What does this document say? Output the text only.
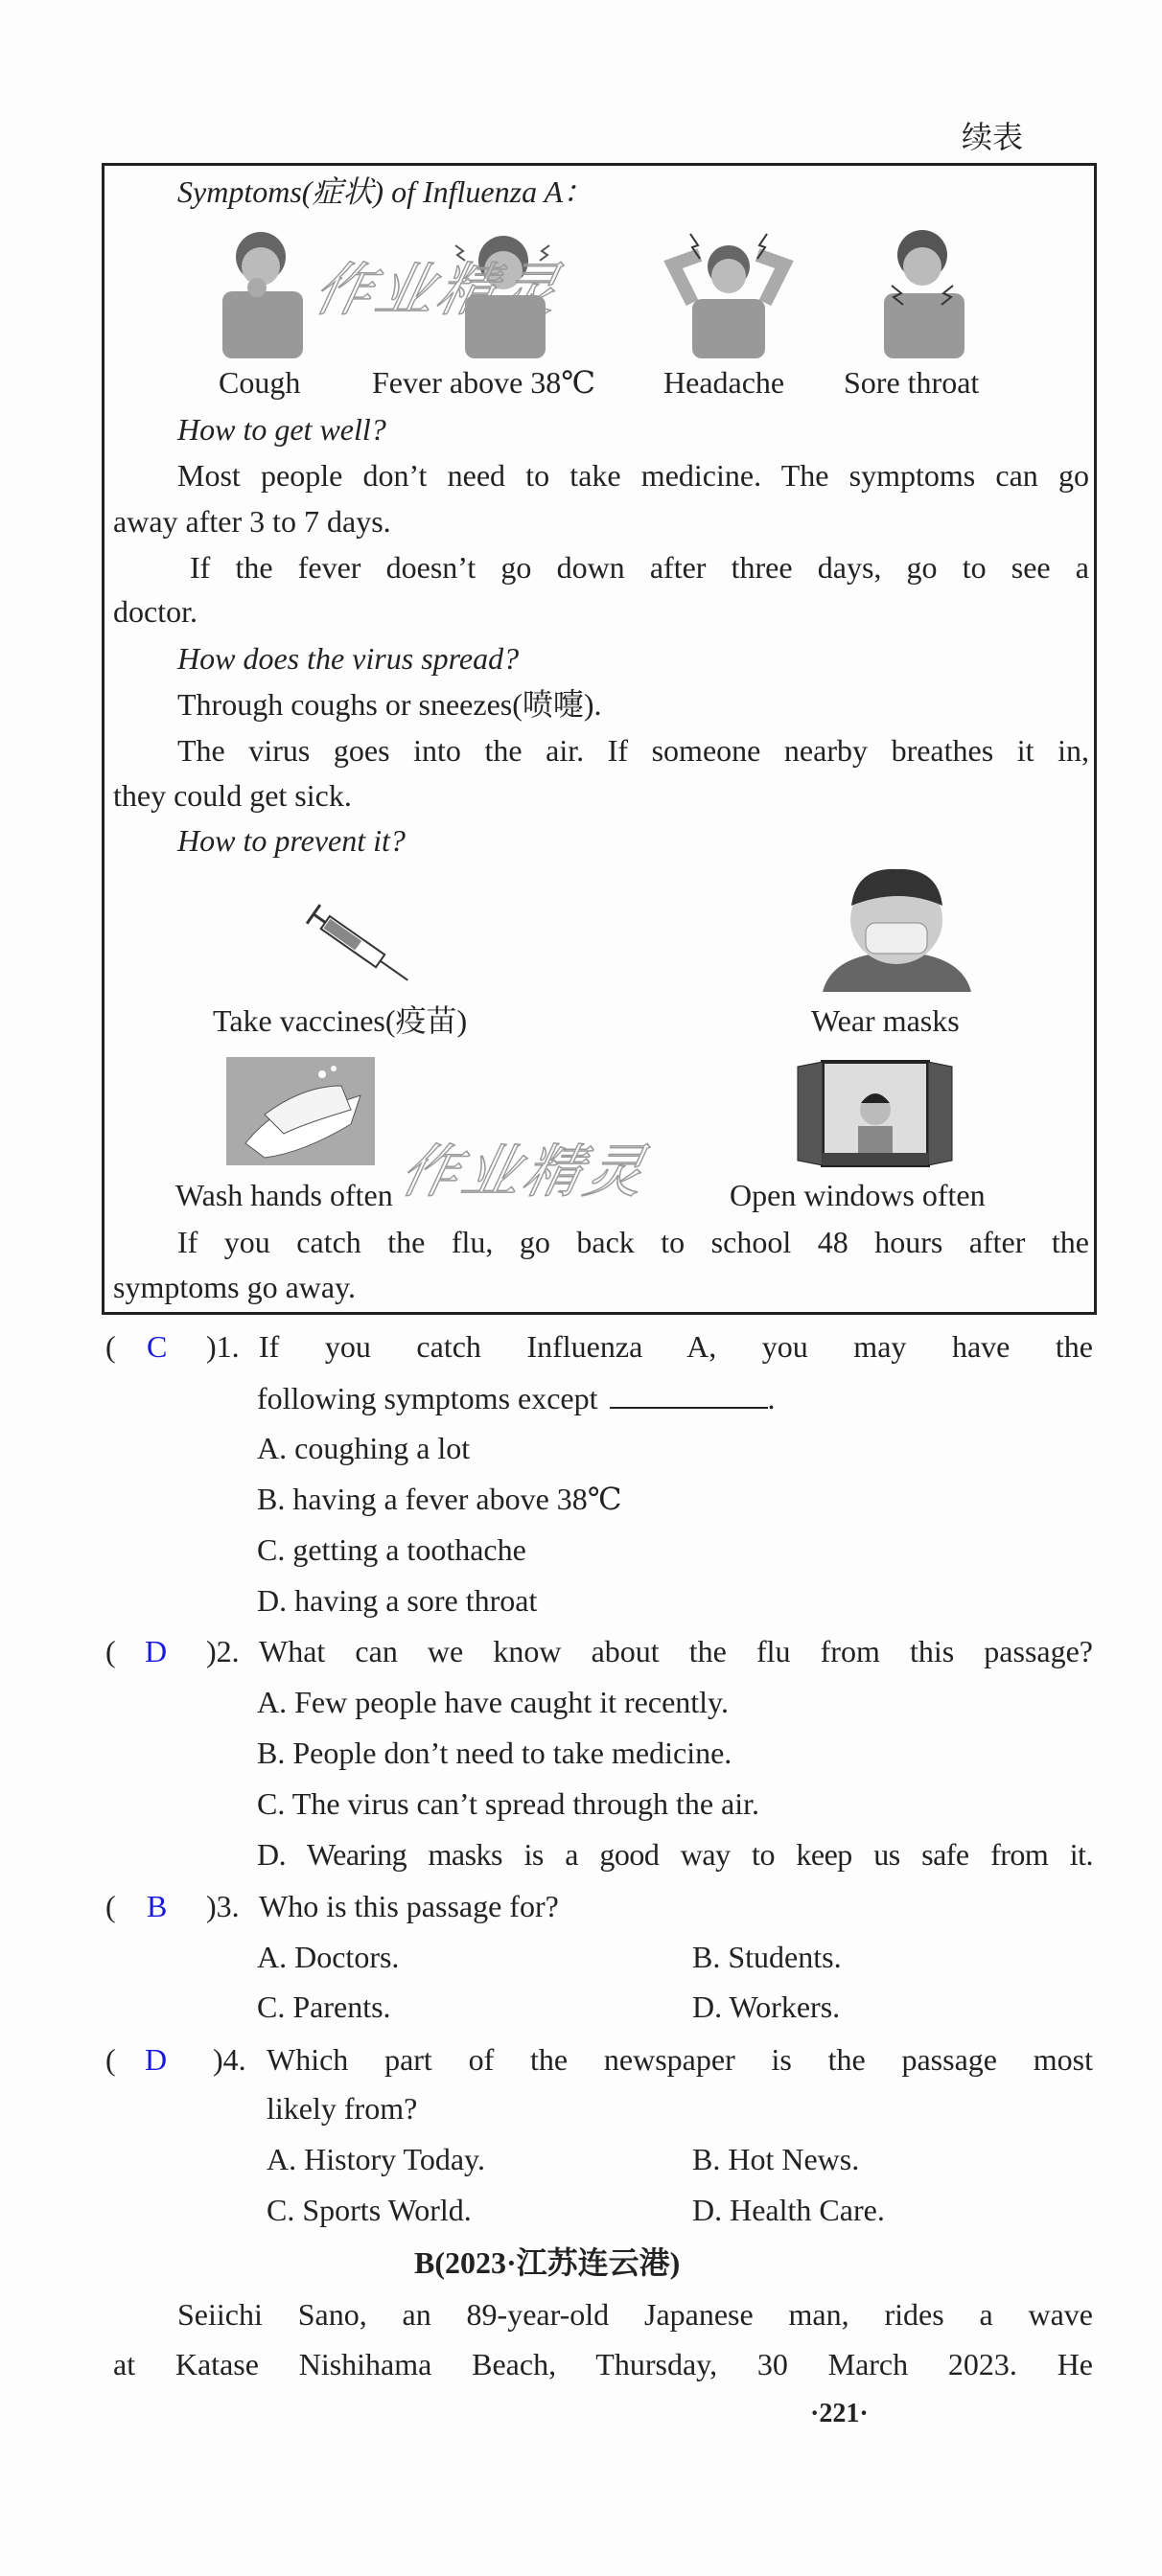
续表
Symptoms(症状) of Influenza A：
作业精灵
Cough Fever above 38℃ Headache Sore throat
How to get well?
Most people don’t need to take medicine. The symptoms can go
away after 3 to 7 days.
If the fever doesn’t go down after three days, go to see a
doctor.
How does the virus spread?
Through coughs or sneezes(喷嚏).
The virus goes into the air. If someone nearby breathes it in,
they could get sick.
How to prevent it?
Take vaccines(疫苗)	Wear masks
Wash hands often	Open windows often
作业精灵
If you catch the flu, go back to school 48 hours after the
symptoms go away.
( C )1. If you catch Influenza A, you may have the
following symptoms except	.
A. coughing a lot
B. having a fever above 38℃
C. getting a toothache
D. having a sore throat
( D )2. What can we know about the flu from this passage?
A. Few people have caught it recently.
B. People don’t need to take medicine.
C. The virus can’t spread through the air.
D. Wearing masks is a good way to keep us safe from it.
( B )3. Who is this passage for?
A. Doctors.	B. Students.
C. Parents.	D. Workers.
( D )4. Which part of the newspaper is the passage most
likely from?
A. History Today.	B. Hot News.
C. Sports World.	D. Health Care.
B(2023·江苏连云港)
Seiichi Sano, an 89-year-old Japanese man, rides a wave
at Katase Nishihama Beach, Thursday, 30 March 2023. He
·221·
